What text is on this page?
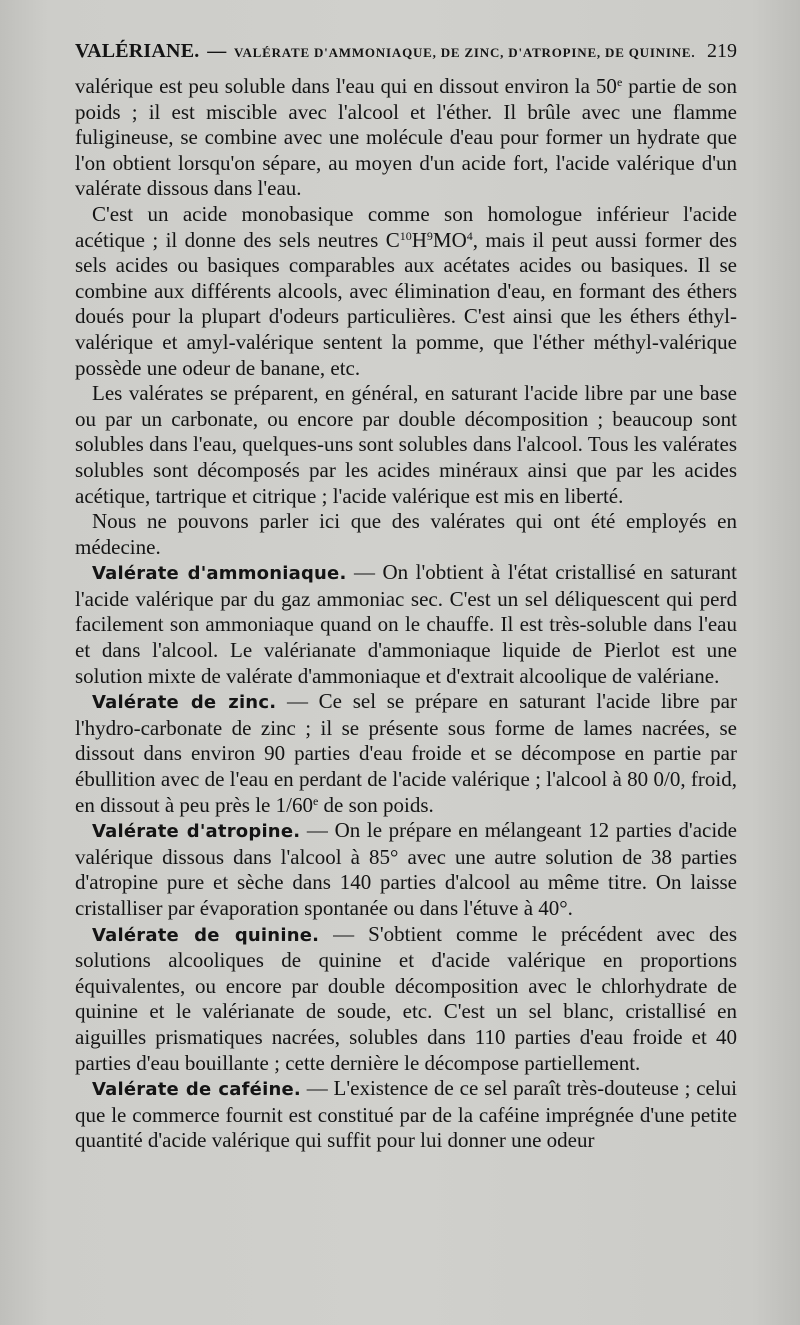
VALÉRIANE. — VALÉRATE D'AMMONIAQUE, DE ZINC, D'ATROPINE, DE QUININE. 219

valérique est peu soluble dans l'eau qui en dissout environ la 50e partie de son poids ; il est miscible avec l'alcool et l'éther. Il brûle avec une flamme fuligineuse, se combine avec une molécule d'eau pour former un hydrate que l'on obtient lorsqu'on sépare, au moyen d'un acide fort, l'acide valérique d'un valérate dissous dans l'eau.

C'est un acide monobasique comme son homologue inférieur l'acide acétique ; il donne des sels neutres $C^{10}H^9MO^4$, mais il peut aussi former des sels acides ou basiques comparables aux acétates acides ou basiques. Il se combine aux différents alcools, avec élimination d'eau, en formant des éthers doués pour la plupart d'odeurs particulières. C'est ainsi que les éthers éthyl-valérique et amyl-valérique sentent la pomme, que l'éther méthyl-valérique possède une odeur de banane, etc.

Les valérates se préparent, en général, en saturant l'acide libre par une base ou par un carbonate, ou encore par double décomposition ; beaucoup sont solubles dans l'eau, quelques-uns sont solubles dans l'alcool. Tous les valérates solubles sont décomposés par les acides minéraux ainsi que par les acides acétique, tartrique et citrique ; l'acide valérique est mis en liberté.

Nous ne pouvons parler ici que des valérates qui ont été employés en médecine.

Valérate d'ammoniaque. — On l'obtient à l'état cristallisé en saturant l'acide valérique par du gaz ammoniac sec. C'est un sel déliquescent qui perd facilement son ammoniaque quand on le chauffe. Il est très-soluble dans l'eau et dans l'alcool. Le valérianate d'ammoniaque liquide de Pierlot est une solution mixte de valérate d'ammoniaque et d'extrait alcoolique de valériane.

Valérate de zinc. — Ce sel se prépare en saturant l'acide libre par l'hydro-carbonate de zinc ; il se présente sous forme de lames nacrées, se dissout dans environ 90 parties d'eau froide et se décompose en partie par ébullition avec de l'eau en perdant de l'acide valérique ; l'alcool à 80 0/0, froid, en dissout à peu près le 1/60e de son poids.

Valérate d'atropine. — On le prépare en mélangeant 12 parties d'acide valérique dissous dans l'alcool à 85° avec une autre solution de 38 parties d'atropine pure et sèche dans 140 parties d'alcool au même titre. On laisse cristalliser par évaporation spontanée ou dans l'étuve à 40°.

Valérate de quinine. — S'obtient comme le précédent avec des solutions alcooliques de quinine et d'acide valérique en proportions équivalentes, ou encore par double décomposition avec le chlorhydrate de quinine et le valérianate de soude, etc. C'est un sel blanc, cristallisé en aiguilles prismatiques nacrées, solubles dans 110 parties d'eau froide et 40 parties d'eau bouillante ; cette dernière le décompose partiellement.

Valérate de caféine. — L'existence de ce sel paraît très-douteuse ; celui que le commerce fournit est constitué par de la caféine imprégnée d'une petite quantité d'acide valérique qui suffit pour lui donner une odeur
